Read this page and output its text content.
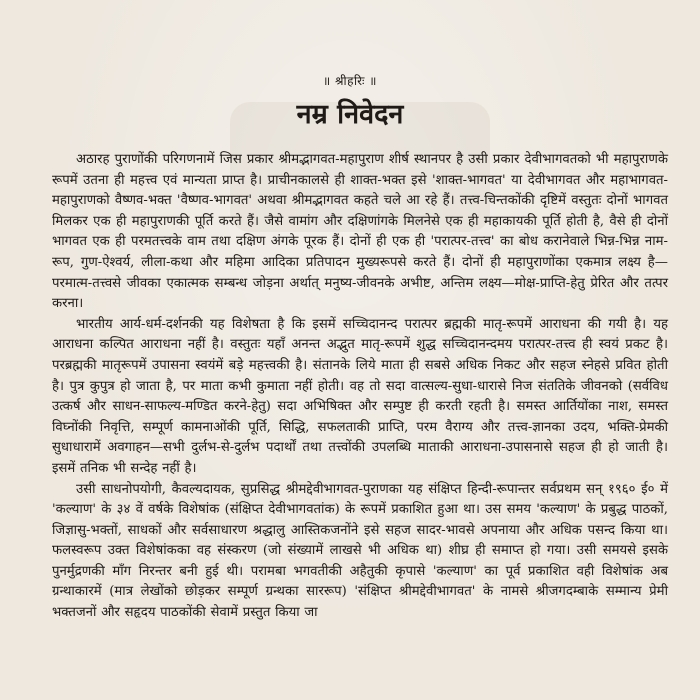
॥ श्रीहरिः ॥
नम्र निवेदन

अठारह पुराणोंकी परिगणनामें जिस प्रकार श्रीमद्भागवत-महापुराण शीर्ष स्थानपर है उसी प्रकार देवीभागवतको भी महापुराणके रूपमें उतना ही महत्त्व एवं मान्यता प्राप्त है। प्राचीनकालसे ही शाक्त-भक्त इसे 'शाक्त-भागवत' या देवीभागवत और महाभागवत-महापुराणको वैष्णव-भक्त 'वैष्णव-भागवत' अथवा श्रीमद्भागवत कहते चले आ रहे हैं। तत्त्व-चिन्तकोंकी दृष्टिमें वस्तुतः दोनों भागवत मिलकर एक ही महापुराणकी पूर्ति करते हैं। जैसे वामांग और दक्षिणांगके मिलनेसे एक ही महाकायकी पूर्ति होती है, वैसे ही दोनों भागवत एक ही परमतत्त्वके वाम तथा दक्षिण अंगके पूरक हैं। दोनों ही एक ही 'परात्पर-तत्त्व' का बोध करानेवाले भिन्न-भिन्न नाम-रूप, गुण-ऐश्वर्य, लीला-कथा और महिमा आदिका प्रतिपादन मुख्यरूपसे करते हैं। दोनों ही महापुराणोंका एकमात्र लक्ष्य है—परमात्म-तत्त्वसे जीवका एकात्मक सम्बन्ध जोड़ना अर्थात् मनुष्य-जीवनके अभीष्ट, अन्तिम लक्ष्य—मोक्ष-प्राप्ति-हेतु प्रेरित और तत्पर करना।

भारतीय आर्य-धर्म-दर्शनकी यह विशेषता है कि इसमें सच्चिदानन्द परात्पर ब्रह्मकी मातृ-रूपमें आराधना की गयी है। यह आराधना कल्पित आराधना नहीं है। वस्तुतः यहाँ अनन्त अद्भुत मातृ-रूपमें शुद्ध सच्चिदानन्दमय परात्पर-तत्त्व ही स्वयं प्रकट है। परब्रह्मकी मातृरूपमें उपासना स्वयंमें बड़े महत्त्वकी है। संतानके लिये माता ही सबसे अधिक निकट और सहज स्नेहसे प्रवित होती है। पुत्र कुपुत्र हो जाता है, पर माता कभी कुमाता नहीं होती। वह तो सदा वात्सल्य-सुधा-धारासे निज संततिके जीवनको (सर्वविध उत्कर्ष और साधन-साफल्य-मण्डित करने-हेतु) सदा अभिषिक्त और सम्पुष्ट ही करती रहती है। समस्त आर्तियोंका नाश, समस्त विघ्नोंकी निवृत्ति, सम्पूर्ण कामनाओंकी पूर्ति, सिद्धि, सफलताकी प्राप्ति, परम वैराग्य और तत्त्व-ज्ञानका उदय, भक्ति-प्रेमकी सुधाधारामें अवगाहन—सभी दुर्लभ-से-दुर्लभ पदार्थों तथा तत्त्वोंकी उपलब्धि माताकी आराधना-उपासनासे सहज ही हो जाती है। इसमें तनिक भी सन्देह नहीं है।

उसी साधनोपयोगी, कैवल्यदायक, सुप्रसिद्ध श्रीमद्देवीभागवत-पुराणका यह संक्षिप्त हिन्दी-रूपान्तर सर्वप्रथम सन् १९६० ई० में 'कल्याण' के ३४ वें वर्षके विशेषांक (संक्षिप्त देवीभागवतांक) के रूपमें प्रकाशित हुआ था। उस समय 'कल्याण' के प्रबुद्ध पाठकों, जिज्ञासु-भक्तों, साधकों और सर्वसाधारण श्रद्धालु आस्तिकजनोंने इसे सहज सादर-भावसे अपनाया और अधिक पसन्द किया था। फलस्वरूप उक्त विशेषांकका वह संस्करण (जो संख्यामें लाखसे भी अधिक था) शीघ्र ही समाप्त हो गया। उसी समयसे इसके पुनर्मुद्रणकी माँग निरन्तर बनी हुई थी। परामबा भगवतीकी अहैतुकी कृपासे 'कल्याण' का पूर्व प्रकाशित वही विशेषांक अब ग्रन्थाकारमें (मात्र लेखोंको छोड़कर सम्पूर्ण ग्रन्थका साररूप) 'संक्षिप्त श्रीमद्देवीभागवत' के नामसे श्रीजगदम्बाके सम्मान्य प्रेमी भक्तजनों और सहृदय पाठकोंकी सेवामें प्रस्तुत किया जा
